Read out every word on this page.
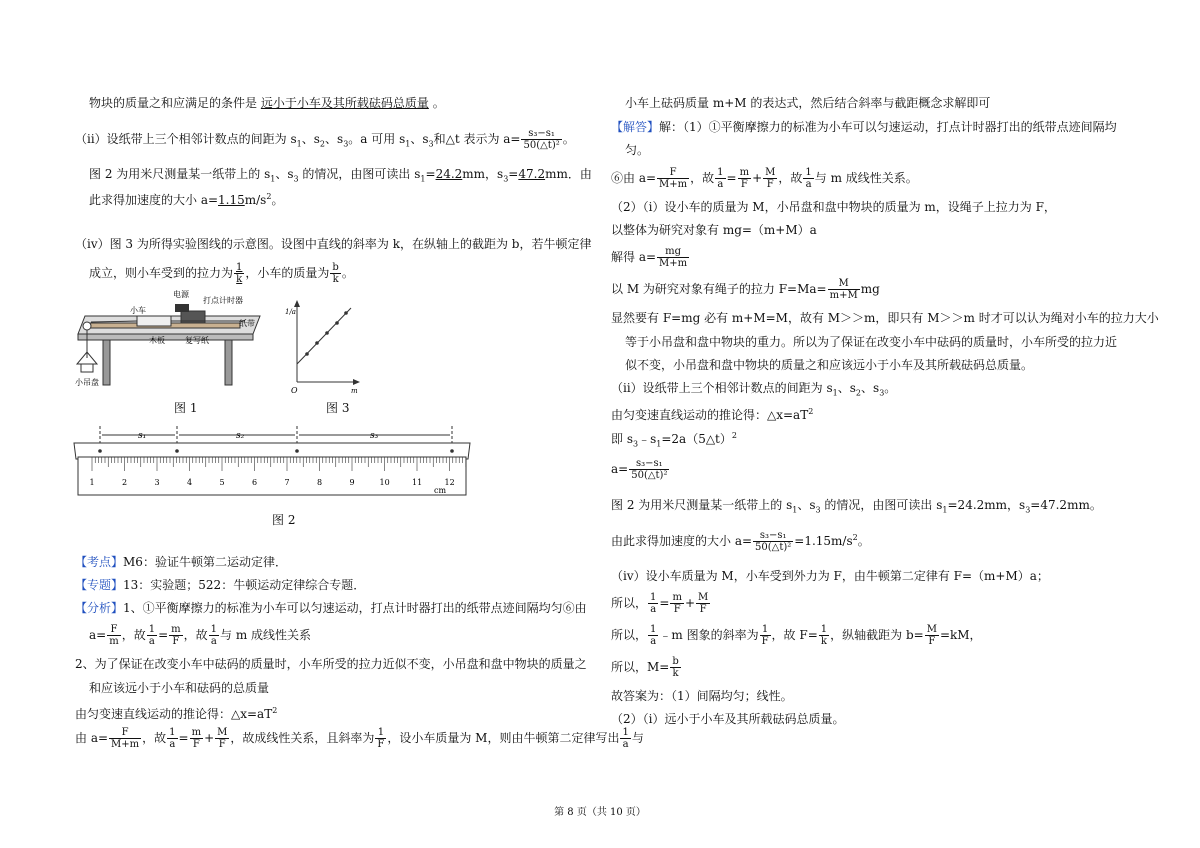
物块的质量之和应满足的条件是 远小于小车及其所载砝码总质量 。
（ⅱ）设纸带上三个相邻计数点的间距为 $s_1$、$s_2$、$s_3$。a 可用 $s_1$、$s_3$和△t 表示为 $a= \frac{\text{s₃−s₁}}{\text{50(△t)²}}$ 。
图 2 为用米尺测量某一纸带上的 $s_1$、$s_3$ 的情况，由图可读出 $s_1=24.2mm$，$s_3=47.2mm$．由
此求得加速度的大小 $a=1.15m/s^2$。
（ⅳ）图 3 为所得实验图线的示意图。设图中直线的斜率为 k，在纵轴上的截距为 b，若牛顿定律
成立，则小车受到的拉力为 $\frac{1}{k}$ ，小车的质量为 $\frac{b}{k}$ 。
电源
打点计时器
小车
纸带
木板	复写纸
小吊盘
图 1
1/a
m
O
图 3
s₁	s₂	s₃
1	2	3	4	5	6	7	8	9	10	11	12
cm
图 2
【考点】M6：验证牛顿第二运动定律．
【专题】13：实验题；522：牛顿运动定律综合专题．
【分析】1、①平衡摩擦力的标准为小车可以匀速运动，打点计时器打出的纸带点迹间隔均匀⑥由
$a= \frac{F}{m}$ ，故 $\frac{1}{a} = \frac{m}{F}$ ，故 $\frac{1}{a}$ 与 m 成线性关系
2、为了保证在改变小车中砝码的质量时，小车所受的拉力近似不变，小吊盘和盘中物块的质量之
和应该远小于小车和砝码的总质量
由匀变速直线运动的推论得：$\triangle x=aT^2$
由 $a= \frac{F}{M+m}$ ，故 $\frac{1}{a} = \frac{m}{F} + \frac{M}{F}$ ，故成线性关系，且斜率为 $\frac{1}{F}$ ，设小车质量为 M，则由牛顿第二定律写出 $\frac{1}{a}$ 与
小车上砝码质量 m+M 的表达式，然后结合斜率与截距概念求解即可
【解答】解：（1）①平衡摩擦力的标准为小车可以匀速运动，打点计时器打出的纸带点迹间隔均
匀。
⑥由 $a= \frac{F}{M+m}$ ，故 $\frac{1}{a} = \frac{m}{F} + \frac{M}{F}$ ，故 $\frac{1}{a}$ 与 m 成线性关系。
（2）（ⅰ）设小车的质量为 M，小吊盘和盘中物块的质量为 m，设绳子上拉力为 F，
以整体为研究对象有 mg=（m+M）a
解得 $a= \frac{mg}{M+m}$
以 M 为研究对象有绳子的拉力 $F=Ma= \frac{M}{m+M}$ mg
显然要有 F=mg 必有 m+M=M，故有 M＞＞m，即只有 M＞＞m 时才可以认为绳对小车的拉力大小
等于小吊盘和盘中物块的重力。所以为了保证在改变小车中砝码的质量时，小车所受的拉力近
似不变，小吊盘和盘中物块的质量之和应该远小于小车及其所载砝码总质量。
（ⅱ）设纸带上三个相邻计数点的间距为 $s_1$、$s_2$、$s_3$。
由匀变速直线运动的推论得：$\triangle x=aT^2$
即 $s_3﹣s_1=2a(5\triangle t)^2$
$a= \frac{\text{s₃−s₁}}{\text{50(△t)²}}$
图 2 为用米尺测量某一纸带上的 $s_1$、$s_3$ 的情况，由图可读出 $s_1=24.2mm$，$s_3=47.2mm$。
由此求得加速度的大小 $a= \frac{\text{s₃−s₁}}{\text{50(△t)²}} =1.15m/s^2$。
（ⅳ）设小车质量为 M，小车受到外力为 F，由牛顿第二定律有 F=（m+M）a；
所以， $\frac{1}{a} = \frac{m}{F} + \frac{M}{F}$
所以， $\frac{1}{a}$ ﹣m 图象的斜率为 $\frac{1}{F}$ ，故 $F= \frac{1}{k}$ ，纵轴截距为 $b= \frac{M}{F} =kM$，
所以，$M= \frac{b}{k}$
故答案为：（1）间隔均匀；线性。
（2）（ⅰ）远小于小车及其所载砝码总质量。
第 8 页（共 10 页）
